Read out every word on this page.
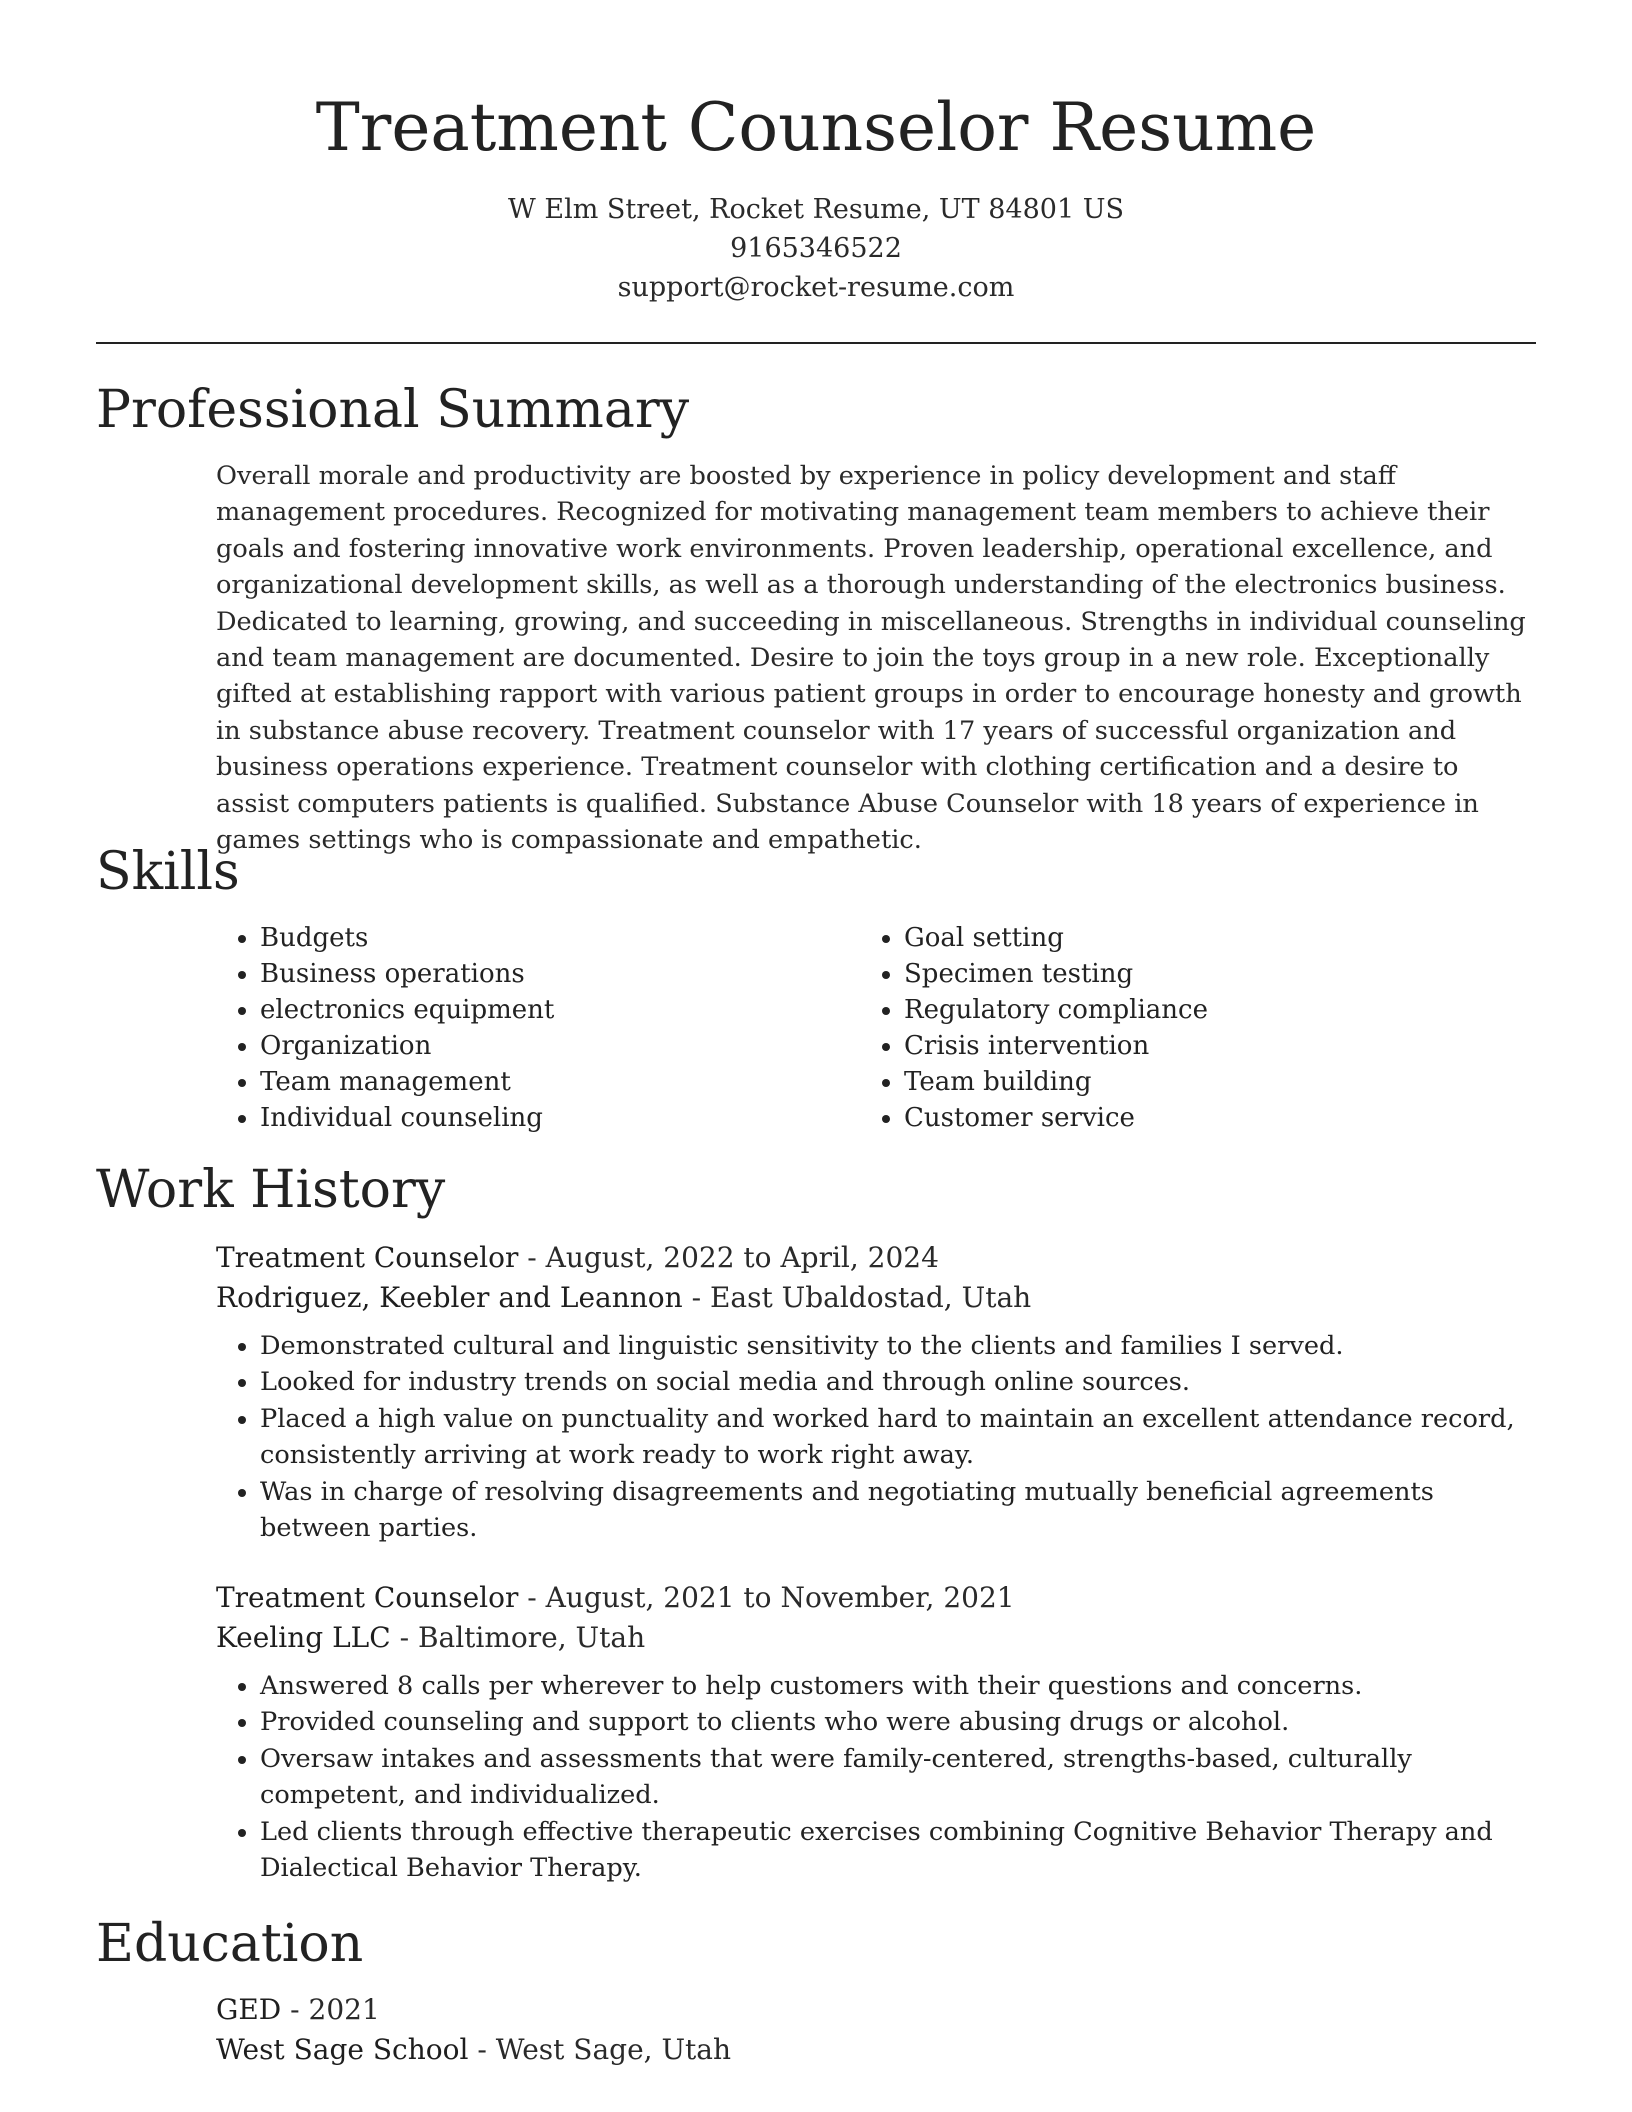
Treatment Counselor Resume
W Elm Street, Rocket Resume, UT 84801 US
9165346522
support@rocket-resume.com
Professional Summary
Overall morale and productivity are boosted by experience in policy development and staff management procedures. Recognized for motivating management team members to achieve their goals and fostering innovative work environments. Proven leadership, operational excellence, and organizational development skills, as well as a thorough understanding of the electronics business. Dedicated to learning, growing, and succeeding in miscellaneous. Strengths in individual counseling and team management are documented. Desire to join the toys group in a new role. Exceptionally gifted at establishing rapport with various patient groups in order to encourage honesty and growth in substance abuse recovery. Treatment counselor with 17 years of successful organization and business operations experience. Treatment counselor with clothing certification and a desire to assist computers patients is qualified. Substance Abuse Counselor with 18 years of experience in games settings who is compassionate and empathetic.
Skills
• Budgets
• Business operations
• electronics equipment
• Organization
• Team management
• Individual counseling
• Goal setting
• Specimen testing
• Regulatory compliance
• Crisis intervention
• Team building
• Customer service
Work History
Treatment Counselor - August, 2022 to April, 2024
Rodriguez, Keebler and Leannon - East Ubaldostad, Utah
• Demonstrated cultural and linguistic sensitivity to the clients and families I served.
• Looked for industry trends on social media and through online sources.
• Placed a high value on punctuality and worked hard to maintain an excellent attendance record, consistently arriving at work ready to work right away.
• Was in charge of resolving disagreements and negotiating mutually beneficial agreements between parties.
Treatment Counselor - August, 2021 to November, 2021
Keeling LLC - Baltimore, Utah
• Answered 8 calls per wherever to help customers with their questions and concerns.
• Provided counseling and support to clients who were abusing drugs or alcohol.
• Oversaw intakes and assessments that were family-centered, strengths-based, culturally competent, and individualized.
• Led clients through effective therapeutic exercises combining Cognitive Behavior Therapy and Dialectical Behavior Therapy.
Education
GED - 2021
West Sage School - West Sage, Utah
